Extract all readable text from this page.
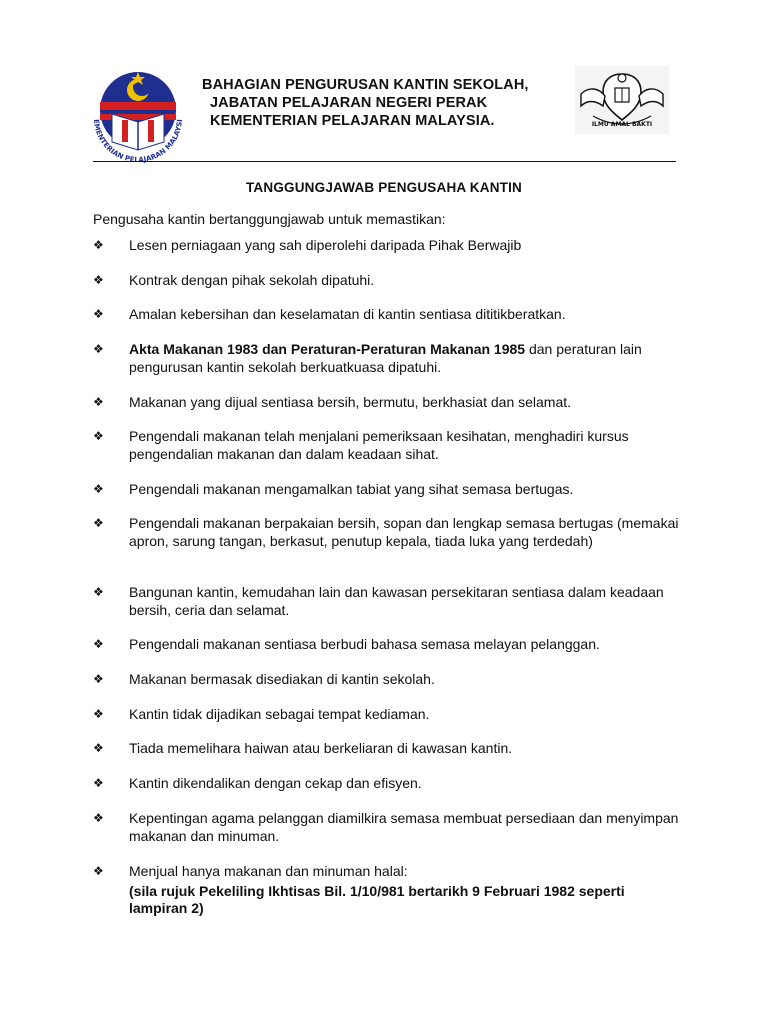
EMENTERIAN PELAJARAN MALAYSI
BAHAGIAN PENGURUSAN KANTIN SEKOLAH,
JABATAN PELAJARAN NEGERI PERAK
KEMENTERIAN PELAJARAN MALAYSIA.	ILMU AMAL BAKTI
TANGGUNGJAWAB PENGUSAHA KANTIN
Pengusaha kantin bertanggungjawab untuk memastikan:
❖	Lesen perniagaan yang sah diperolehi daripada Pihak Berwajib
❖	Kontrak dengan pihak sekolah dipatuhi.
❖	Amalan kebersihan dan keselamatan di kantin sentiasa dititikberatkan.
❖	Akta Makanan 1983 dan Peraturan-Peraturan Makanan 1985 dan peraturan lain pengurusan kantin sekolah berkuatkuasa dipatuhi.
❖	Makanan yang dijual sentiasa bersih, bermutu, berkhasiat dan selamat.
❖	Pengendali makanan telah menjalani pemeriksaan kesihatan, menghadiri kursus pengendalian makanan dan dalam keadaan sihat.
❖	Pengendali makanan mengamalkan tabiat yang sihat semasa bertugas.
❖	Pengendali makanan berpakaian bersih, sopan dan lengkap semasa bertugas (memakai apron, sarung tangan, berkasut, penutup kepala, tiada luka yang terdedah)
❖	Bangunan kantin, kemudahan lain dan kawasan persekitaran sentiasa dalam keadaan bersih, ceria dan selamat.
❖	Pengendali makanan sentiasa berbudi bahasa semasa melayan pelanggan.
❖	Makanan bermasak disediakan di kantin sekolah.
❖	Kantin tidak dijadikan sebagai tempat kediaman.
❖	Tiada memelihara haiwan atau berkeliaran di kawasan kantin.
❖	Kantin dikendalikan dengan cekap dan efisyen.
❖	Kepentingan agama pelanggan diamilkira semasa membuat persediaan dan menyimpan makanan dan minuman.
❖	Menjual hanya makanan dan minuman halal:
(sila rujuk Pekeliling Ikhtisas Bil. 1/10/981 bertarikh 9 Februari 1982 seperti lampiran 2)
